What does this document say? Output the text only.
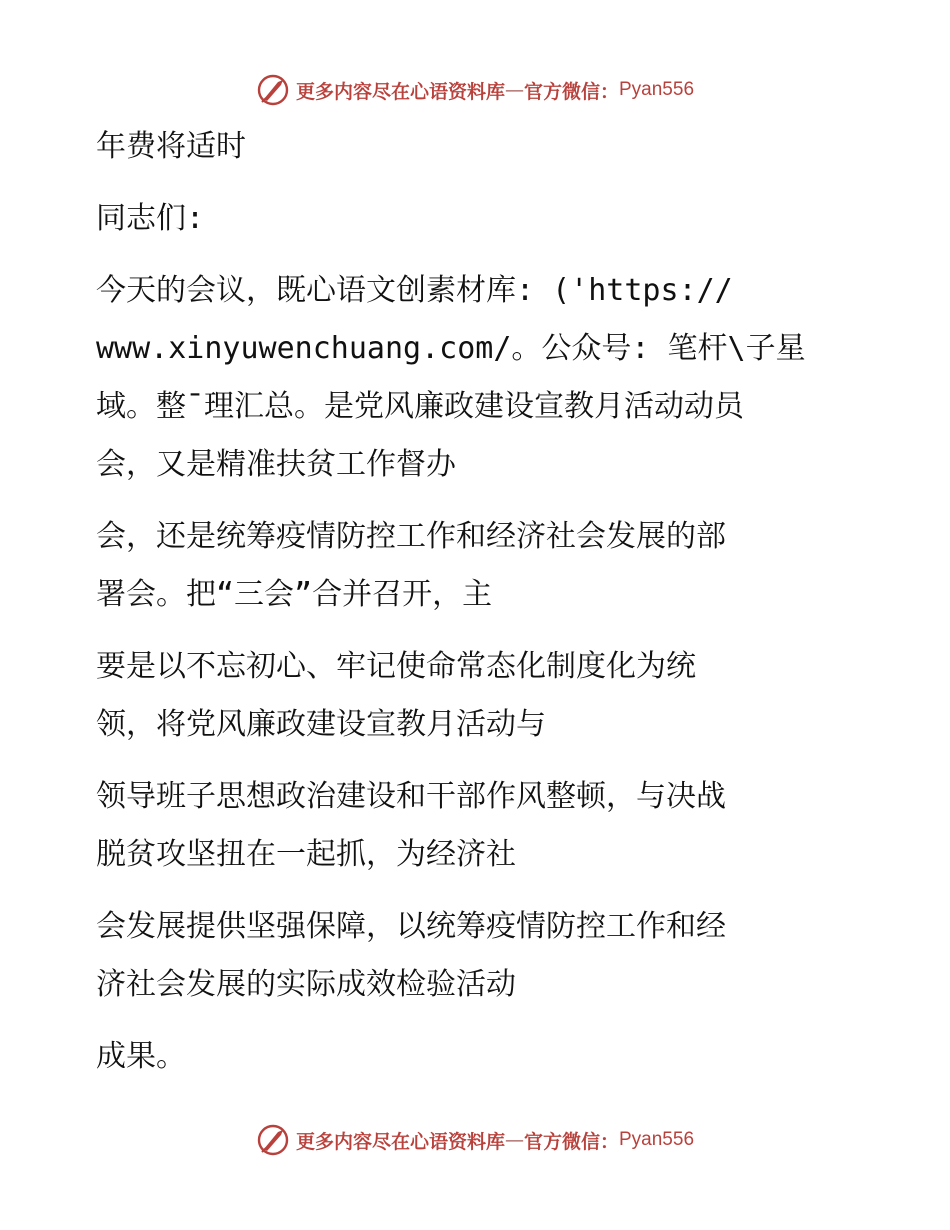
更多内容尽在心语资料库 — 官方微信： Pyan556

年费将适时

同志们:

今天的会议，既心语文创素材库: ('https://

www.xinyuwenchuang.com/。公众号: 笔杆\子星

域。整¯理汇总。是党风廉政建设宣教月活动动员

会，又是精准扶贫工作督办

会，还是统筹疫情防控工作和经济社会发展的部

署会。把“三会”合并召开，主

要是以不忘初心、牢记使命常态化制度化为统

领，将党风廉政建设宣教月活动与

领导班子思想政治建设和干部作风整顿，与决战

脱贫攻坚扭在一起抓，为经济社

会发展提供坚强保障，以统筹疫情防控工作和经

济社会发展的实际成效检验活动

成果。

更多内容尽在心语资料库 — 官方微信： Pyan556
